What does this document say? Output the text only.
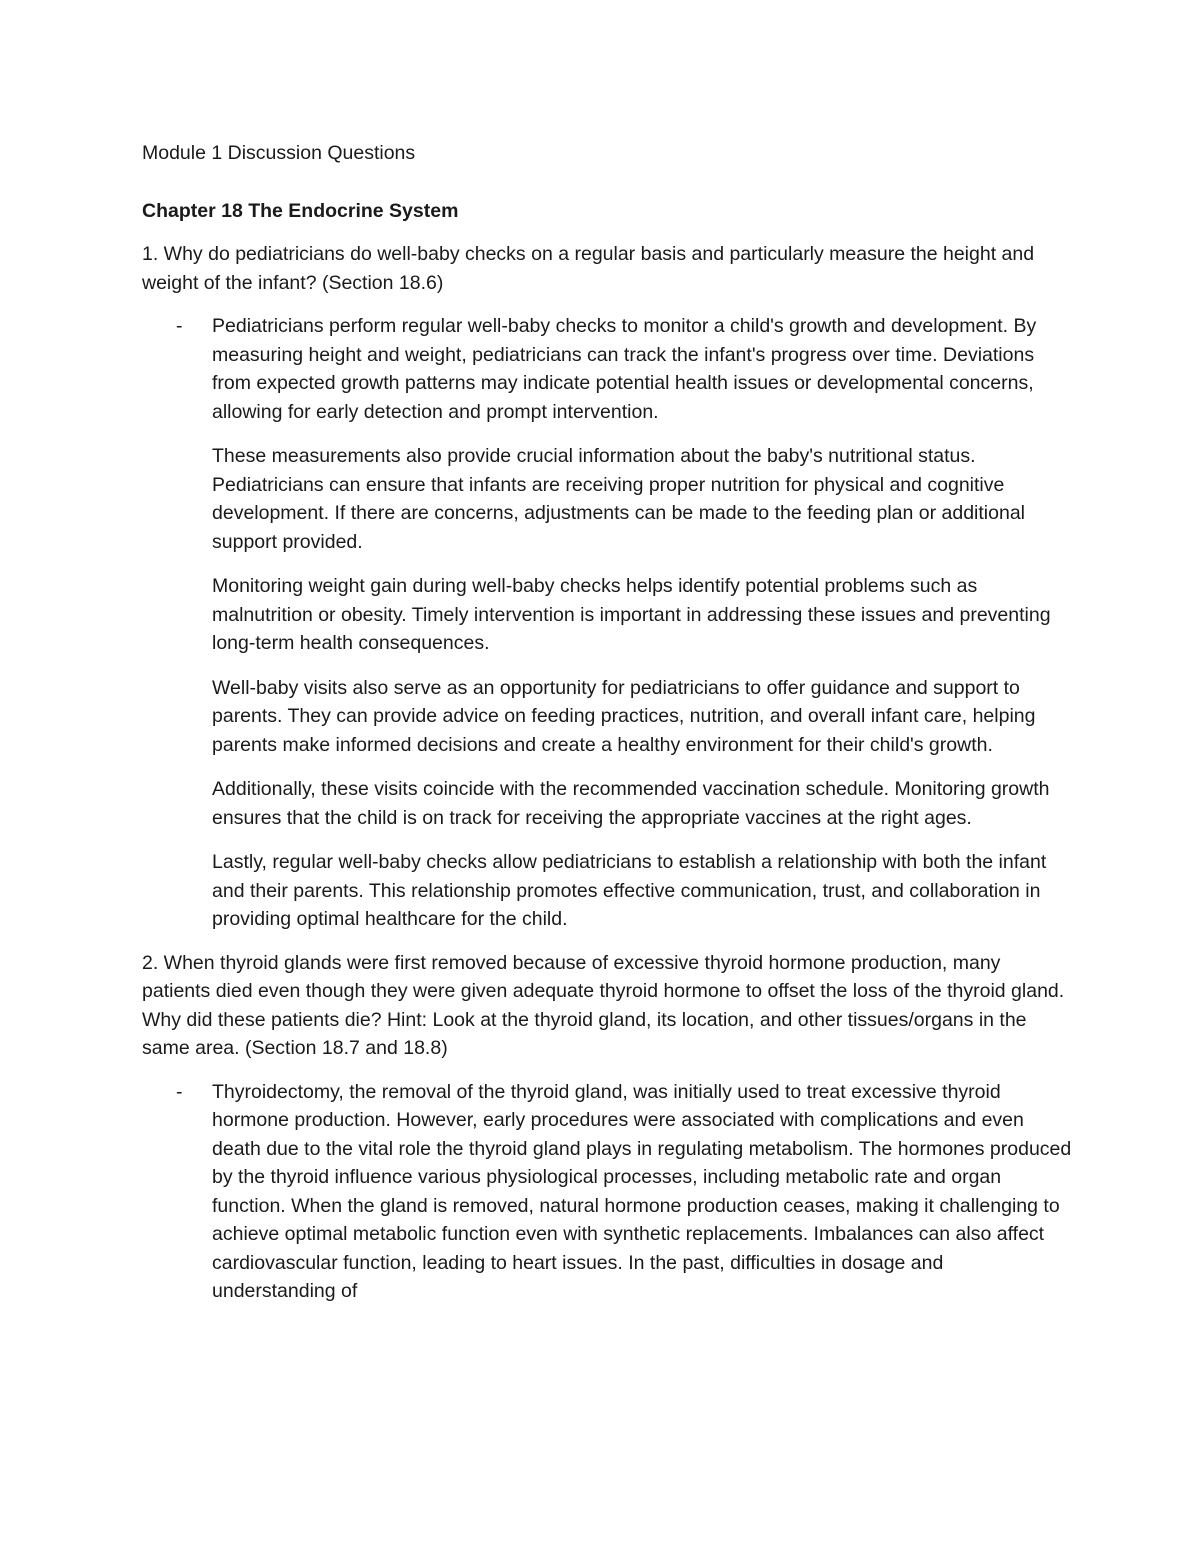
Module 1 Discussion Questions
Chapter 18 The Endocrine System
1. Why do pediatricians do well-baby checks on a regular basis and particularly measure the height and weight of the infant? (Section 18.6)
- Pediatricians perform regular well-baby checks to monitor a child's growth and development. By measuring height and weight, pediatricians can track the infant's progress over time. Deviations from expected growth patterns may indicate potential health issues or developmental concerns, allowing for early detection and prompt intervention.

These measurements also provide crucial information about the baby's nutritional status. Pediatricians can ensure that infants are receiving proper nutrition for physical and cognitive development. If there are concerns, adjustments can be made to the feeding plan or additional support provided.

Monitoring weight gain during well-baby checks helps identify potential problems such as malnutrition or obesity. Timely intervention is important in addressing these issues and preventing long-term health consequences.

Well-baby visits also serve as an opportunity for pediatricians to offer guidance and support to parents. They can provide advice on feeding practices, nutrition, and overall infant care, helping parents make informed decisions and create a healthy environment for their child's growth.

Additionally, these visits coincide with the recommended vaccination schedule. Monitoring growth ensures that the child is on track for receiving the appropriate vaccines at the right ages.

Lastly, regular well-baby checks allow pediatricians to establish a relationship with both the infant and their parents. This relationship promotes effective communication, trust, and collaboration in providing optimal healthcare for the child.

2. When thyroid glands were first removed because of excessive thyroid hormone production, many patients died even though they were given adequate thyroid hormone to offset the loss of the thyroid gland. Why did these patients die? Hint: Look at the thyroid gland, its location, and other tissues/organs in the same area. (Section 18.7 and 18.8)
- Thyroidectomy, the removal of the thyroid gland, was initially used to treat excessive thyroid hormone production. However, early procedures were associated with complications and even death due to the vital role the thyroid gland plays in regulating metabolism. The hormones produced by the thyroid influence various physiological processes, including metabolic rate and organ function. When the gland is removed, natural hormone production ceases, making it challenging to achieve optimal metabolic function even with synthetic replacements. Imbalances can also affect cardiovascular function, leading to heart issues. In the past, difficulties in dosage and understanding of
